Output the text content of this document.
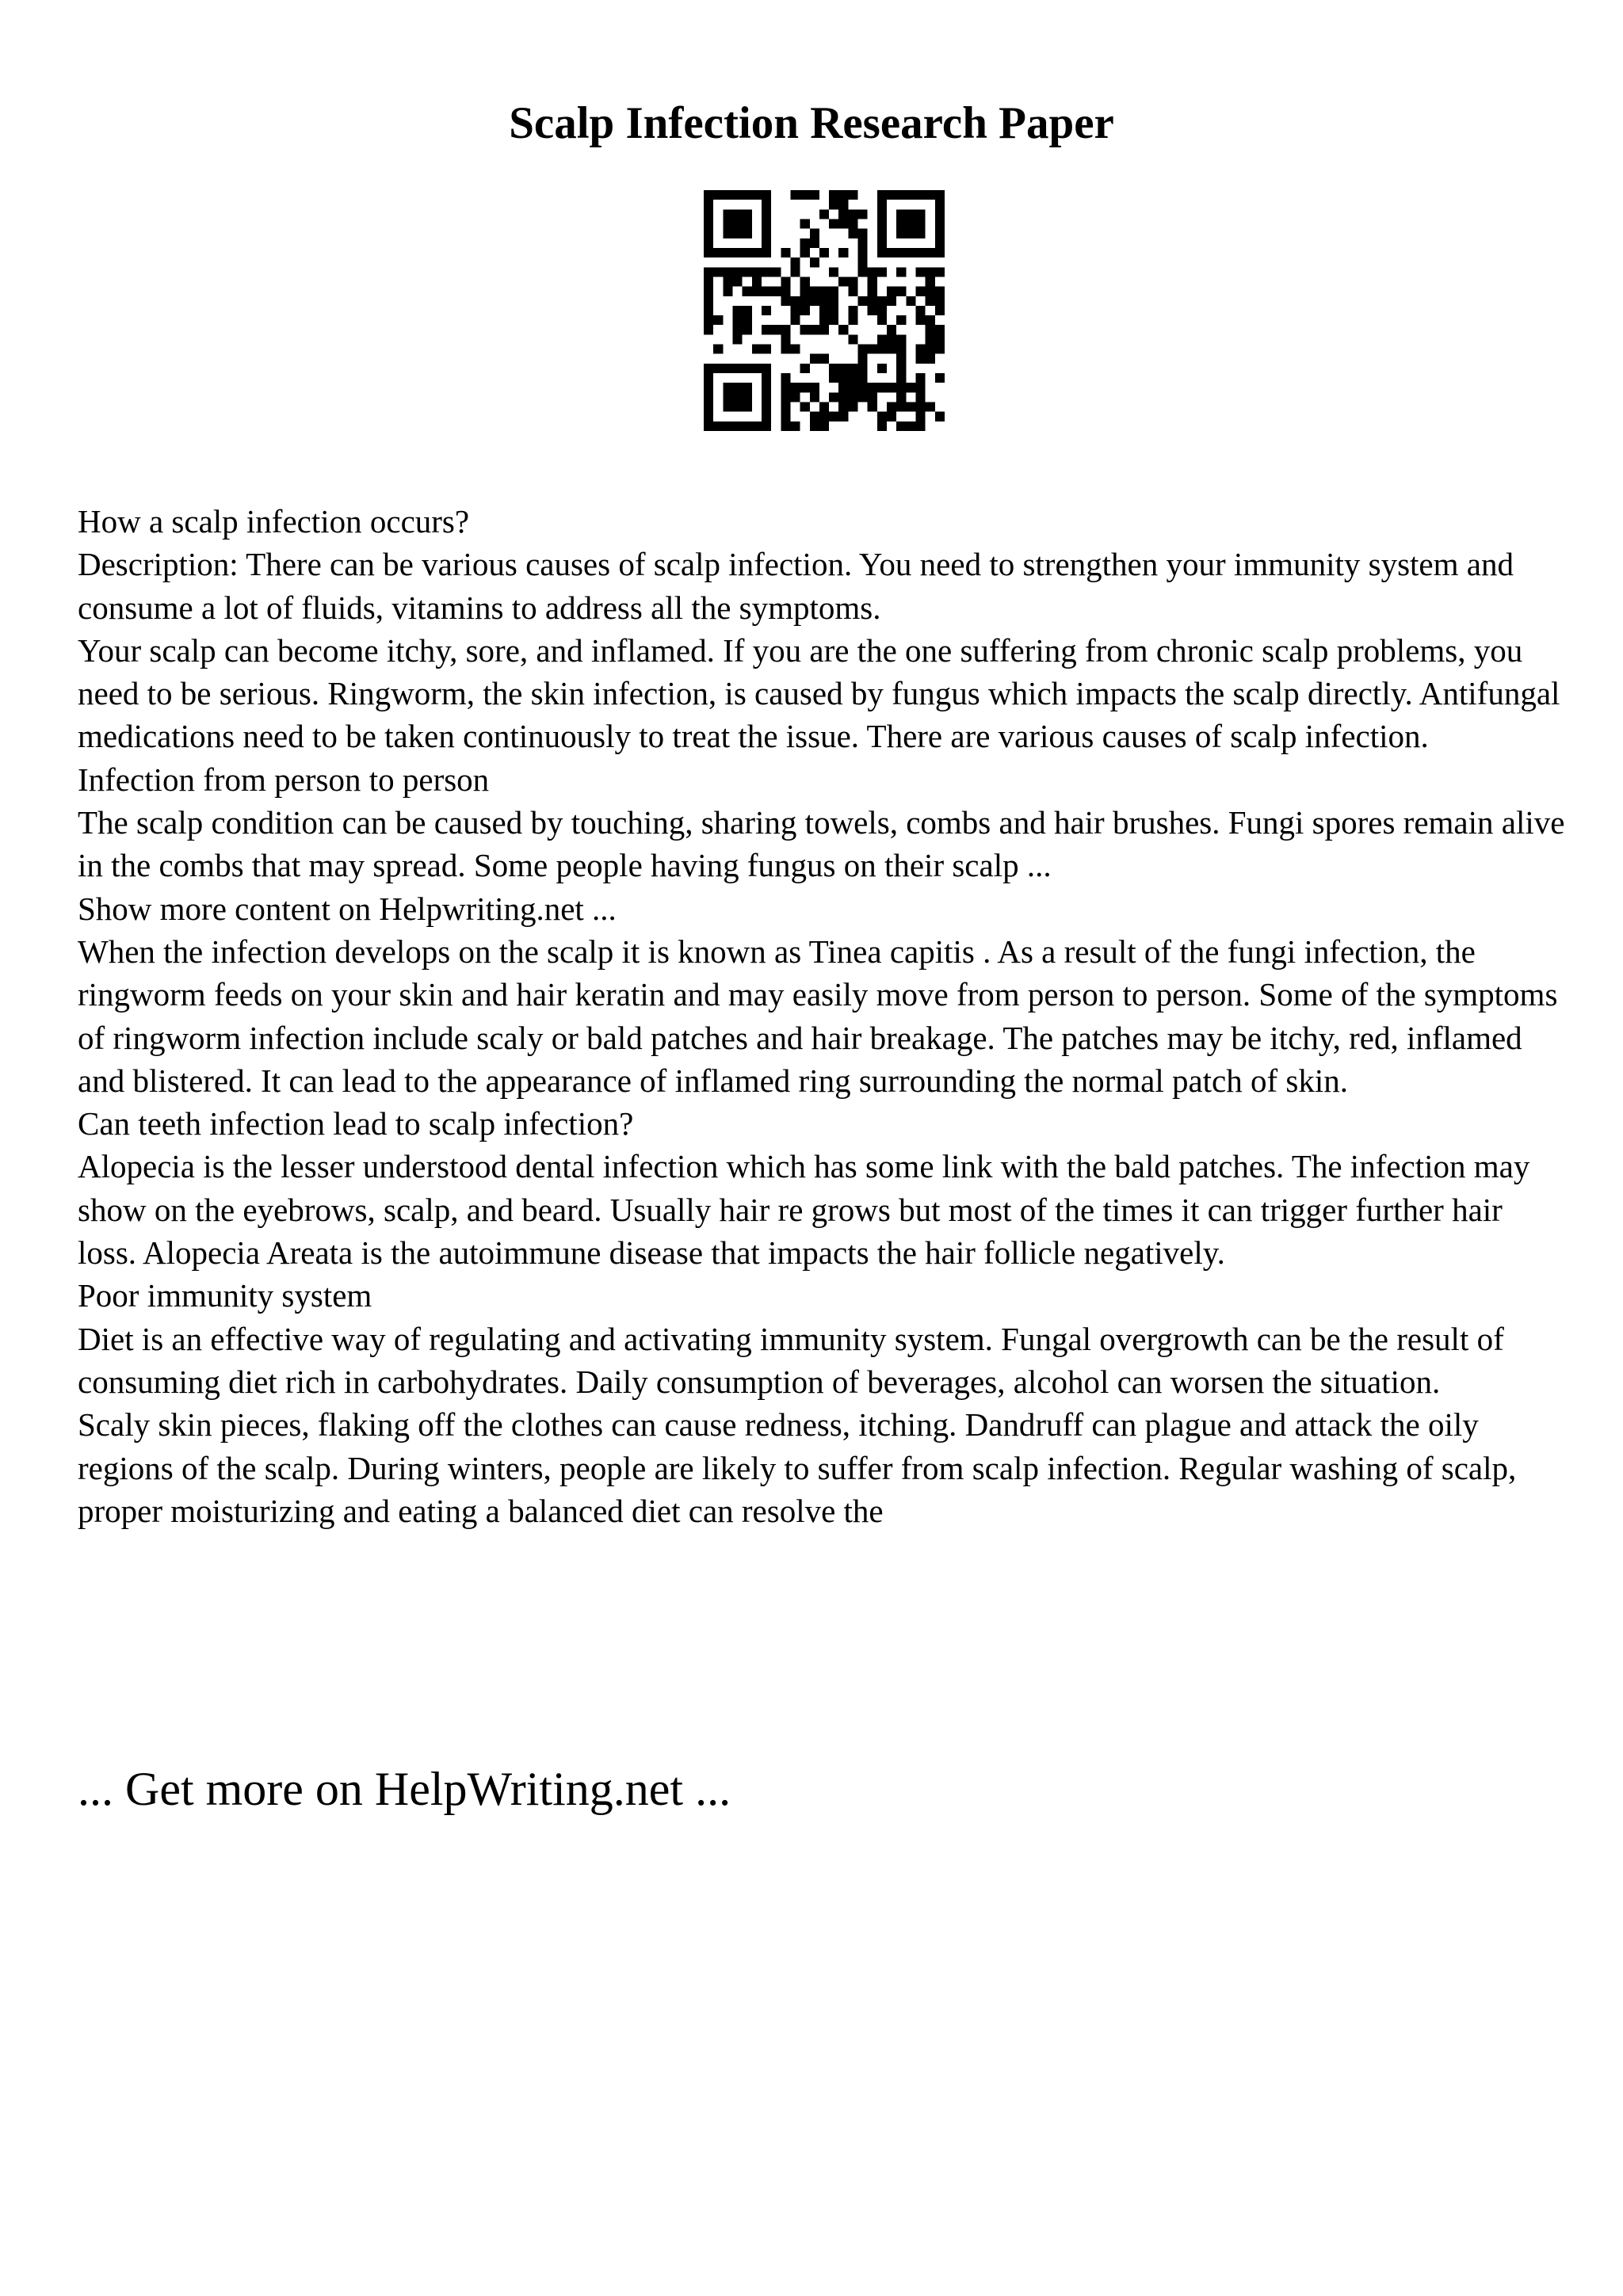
Scalp Infection Research Paper

How a scalp infection occurs?

Description: There can be various causes of scalp infection. You need to strengthen your immunity system and consume a lot of fluids, vitamins to address all the symptoms.

Your scalp can become itchy, sore, and inflamed. If you are the one suffering from chronic scalp problems, you need to be serious. Ringworm, the skin infection, is caused by fungus which impacts the scalp directly. Antifungal medications need to be taken continuously to treat the issue. There are various causes of scalp infection.

Infection from person to person

The scalp condition can be caused by touching, sharing towels, combs and hair brushes. Fungi spores remain alive in the combs that may spread. Some people having fungus on their scalp ...

Show more content on Helpwriting.net ...

When the infection develops on the scalp it is known as Tinea capitis . As a result of the fungi infection, the ringworm feeds on your skin and hair keratin and may easily move from person to person. Some of the symptoms of ringworm infection include scaly or bald patches and hair breakage. The patches may be itchy, red, inflamed and blistered. It can lead to the appearance of inflamed ring surrounding the normal patch of skin.

Can teeth infection lead to scalp infection?

Alopecia is the lesser understood dental infection which has some link with the bald patches. The infection may show on the eyebrows, scalp, and beard. Usually hair re grows but most of the times it can trigger further hair loss. Alopecia Areata is the autoimmune disease that impacts the hair follicle negatively.

Poor immunity system

Diet is an effective way of regulating and activating immunity system. Fungal overgrowth can be the result of consuming diet rich in carbohydrates. Daily consumption of beverages, alcohol can worsen the situation.

Scaly skin pieces, flaking off the clothes can cause redness, itching. Dandruff can plague and attack the oily regions of the scalp. During winters, people are likely to suffer from scalp infection. Regular washing of scalp, proper moisturizing and eating a balanced diet can resolve the

... Get more on HelpWriting.net ...
